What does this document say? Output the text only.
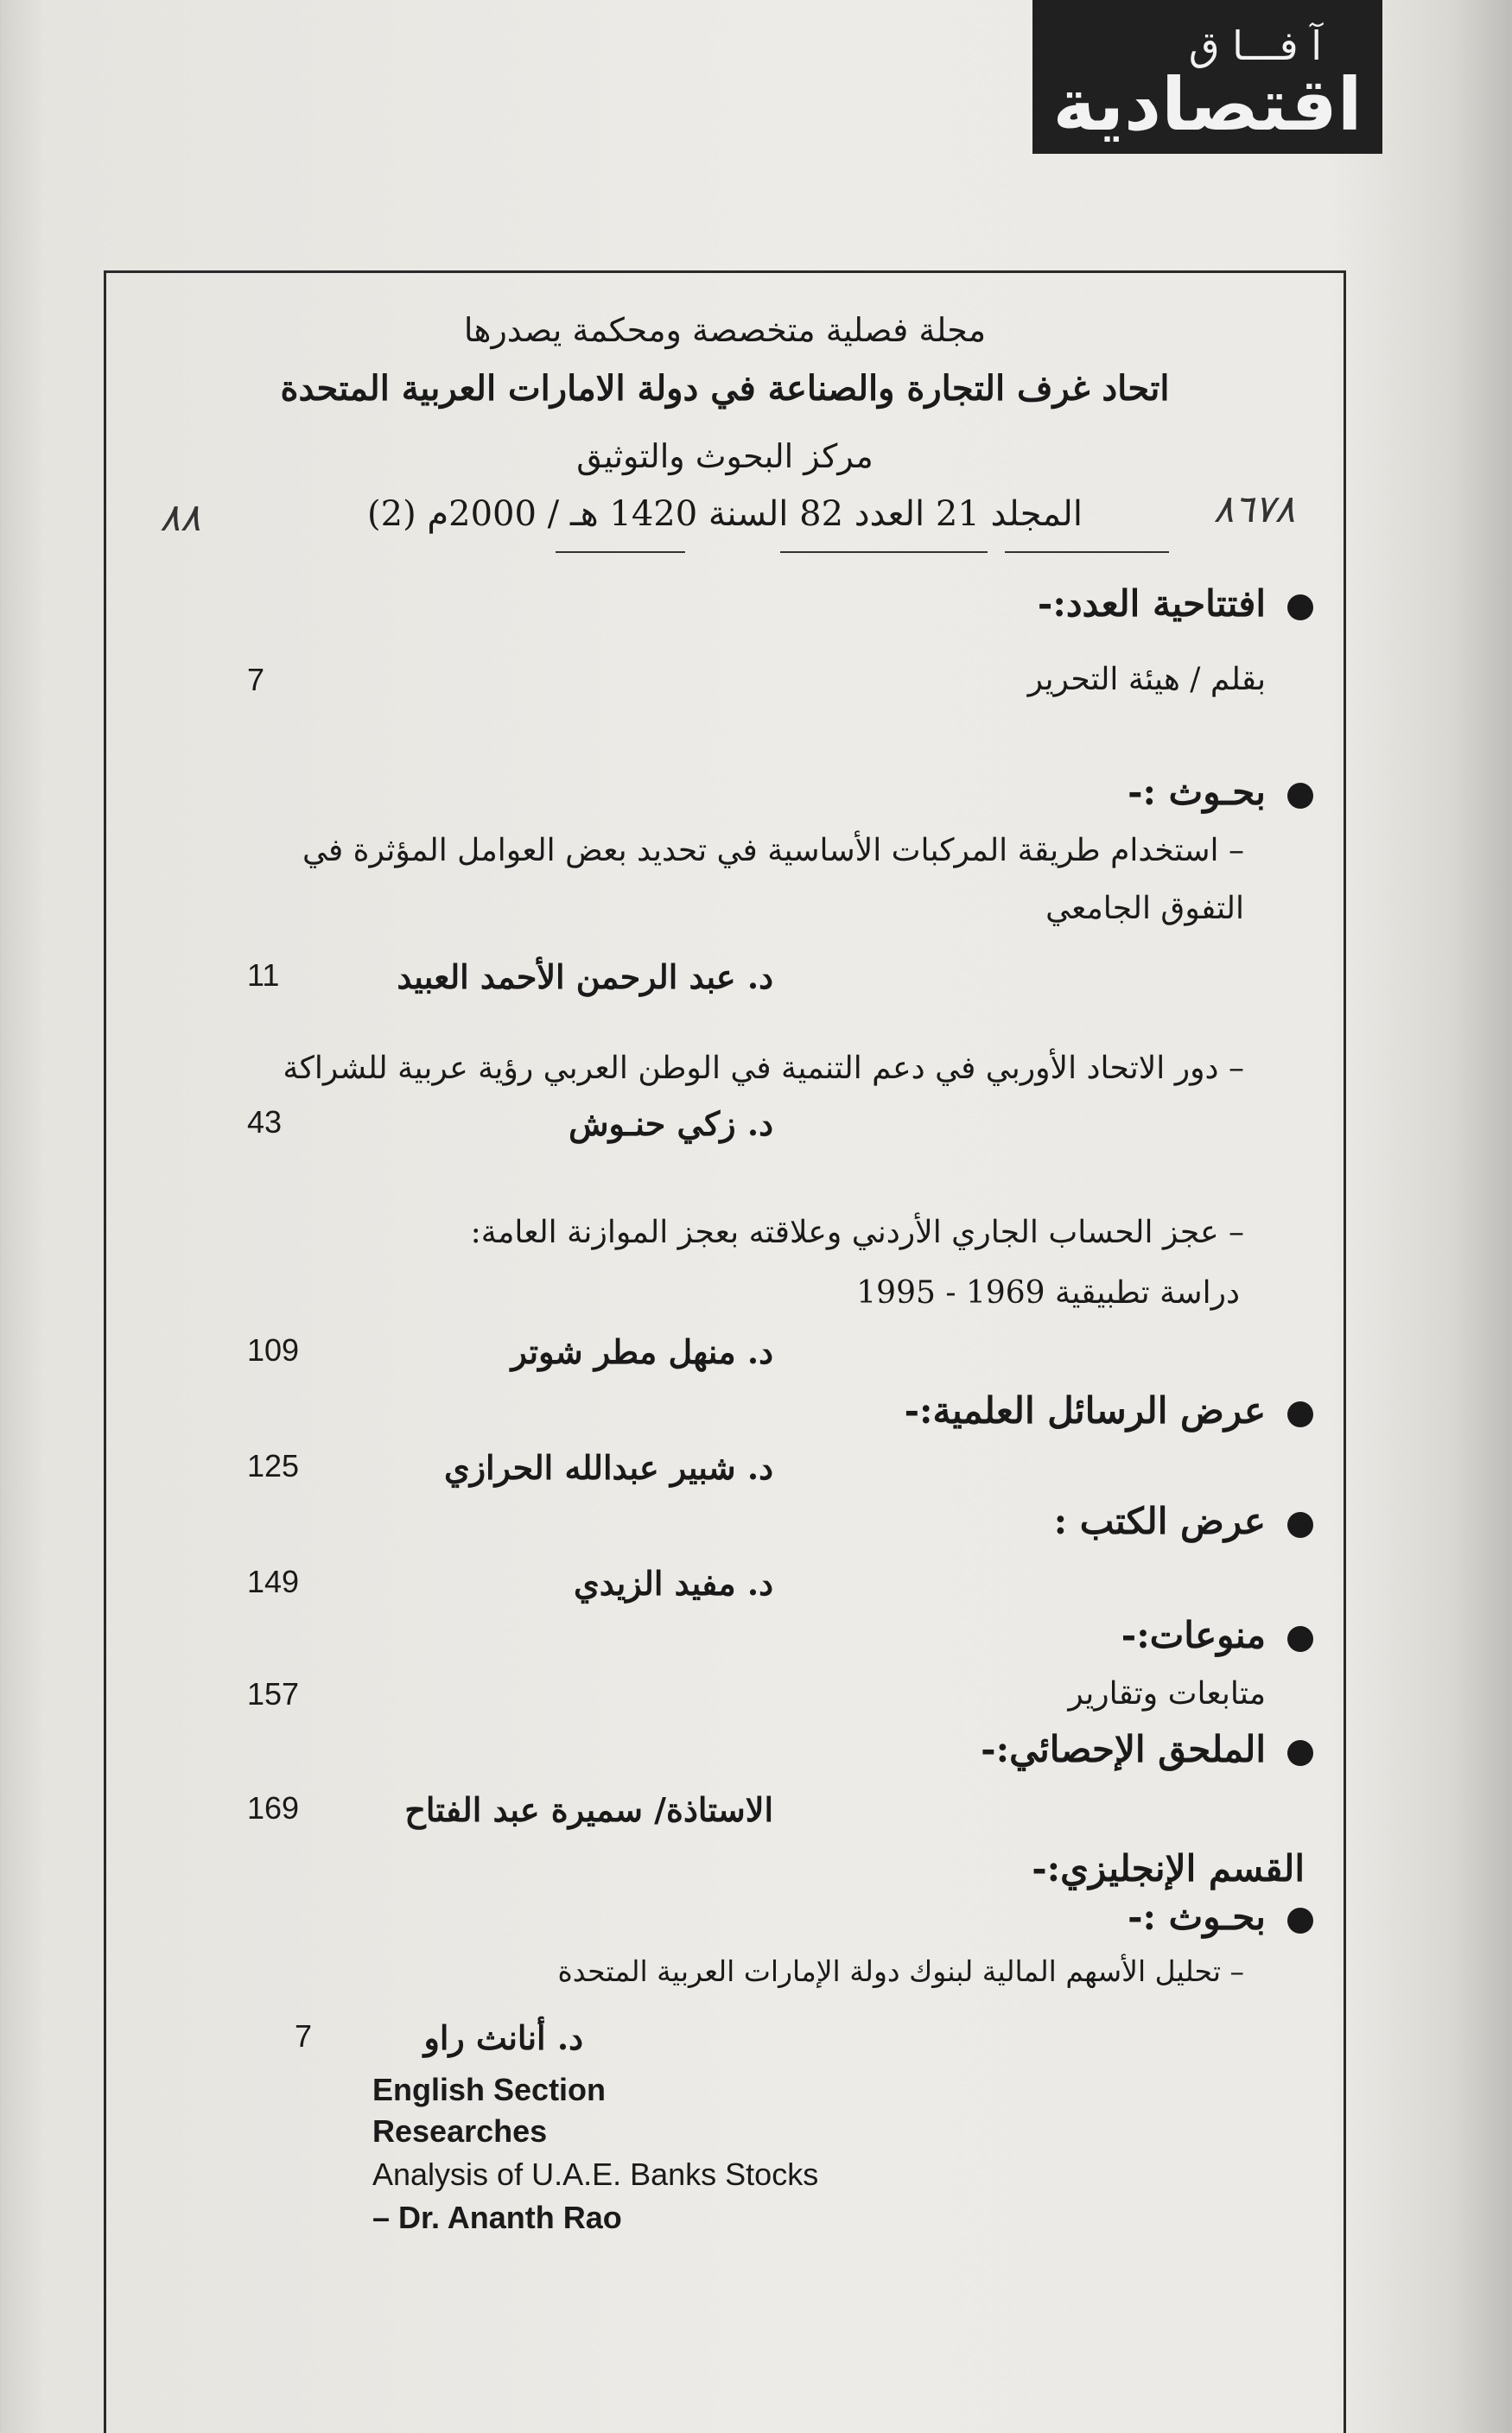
آ فـــا ق
اقتصادية
مجلة فصلية متخصصة ومحكمة يصدرها
اتحاد غرف التجارة والصناعة في دولة الامارات العربية المتحدة
مركز البحوث والتوثيق
المجلد 21 العدد 82 السنة 1420 هـ / 2000م (2)	٨٦٧٨
٨٨
افتتاحية العدد:-
بقلم / هيئة التحرير
7
بحـوث :-
– استخدام طريقة المركبات الأساسية في تحديد بعض العوامل المؤثرة في
التفوق الجامعي
د. عبد الرحمن الأحمد العبيد
11
– دور الاتحاد الأوربي في دعم التنمية في الوطن العربي رؤية عربية للشراكة
د. زكي حنـوش
43
– عجز الحساب الجاري الأردني وعلاقته بعجز الموازنة العامة:
دراسة تطبيقية 1969 - 1995
د. منهل مطر شوتر
109
عرض الرسائل العلمية:-
د. شبير عبدالله الحرازي
125
عرض الكتب :
د. مفيد الزيدي
149
منوعات:-
متابعات وتقارير
157
الملحق الإحصائي:-
الاستاذة/ سميرة عبد الفتاح
169
القسم الإنجليزي:-
بحـوث :-
– تحليل الأسهم المالية لبنوك دولة الإمارات العربية المتحدة
د. أنانث راو
7
English Section
Researches
Analysis of U.A.E. Banks Stocks
– Dr. Ananth Rao
